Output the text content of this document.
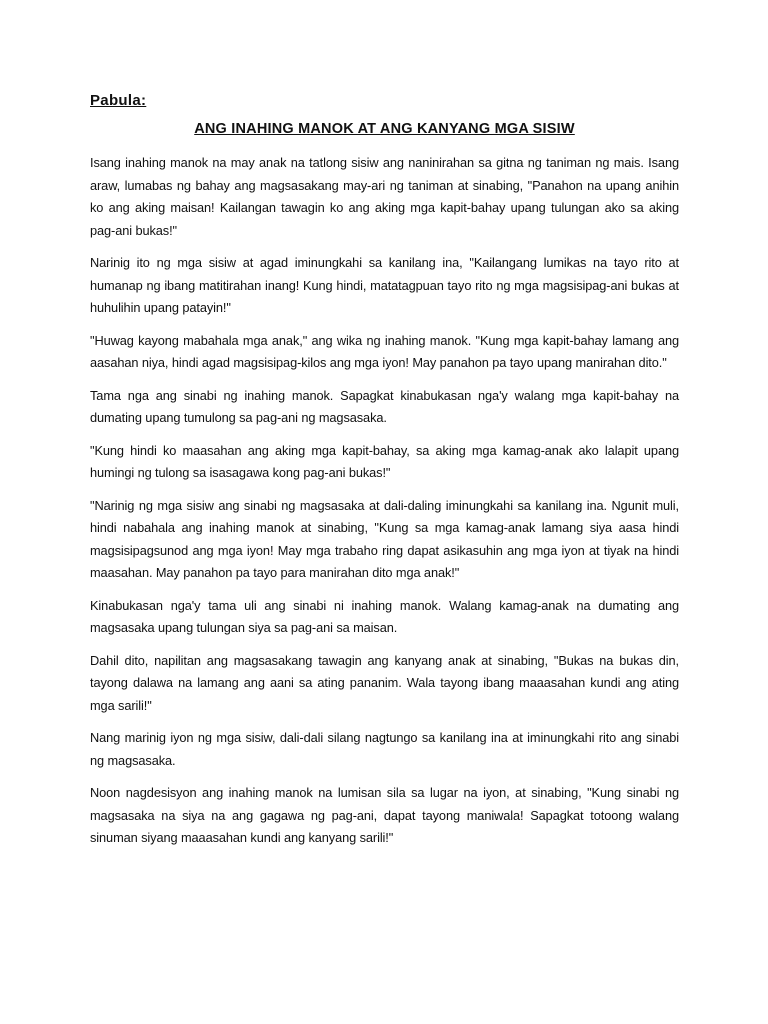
Pabula:
ANG INAHING MANOK AT ANG KANYANG MGA SISIW

Isang inahing manok na may anak na tatlong sisiw ang naninirahan sa gitna ng taniman ng mais. Isang araw, lumabas ng bahay ang magsasakang may-ari ng taniman at sinabing, "Panahon na upang anihin ko ang aking maisan! Kailangan tawagin ko ang aking mga kapit-bahay upang tulungan ako sa aking pag-ani bukas!"

Narinig ito ng mga sisiw at agad iminungkahi sa kanilang ina, "Kailangang lumikas na tayo rito at humanap ng ibang matitirahan inang! Kung hindi, matatagpuan tayo rito ng mga magsisipag-ani bukas at huhulihin upang patayin!"

"Huwag kayong mabahala mga anak," ang wika ng inahing manok. "Kung mga kapit-bahay lamang ang aasahan niya, hindi agad magsisipag-kilos ang mga iyon! May panahon pa tayo upang manirahan dito."

Tama nga ang sinabi ng inahing manok. Sapagkat kinabukasan nga'y walang mga kapit-bahay na dumating upang tumulong sa pag-ani ng magsasaka.

"Kung hindi ko maasahan ang aking mga kapit-bahay, sa aking mga kamag-anak ako lalapit upang humingi ng tulong sa isasagawa kong pag-ani bukas!"

"Narinig ng mga sisiw ang sinabi ng magsasaka at dali-daling iminungkahi sa kanilang ina. Ngunit muli, hindi nabahala ang inahing manok at sinabing, "Kung sa mga kamag-anak lamang siya aasa hindi magsisipagsunod ang mga iyon! May mga trabaho ring dapat asikasuhin ang mga iyon at tiyak na hindi maasahan. May panahon pa tayo para manirahan dito mga anak!"

Kinabukasan nga'y tama uli ang sinabi ni inahing manok. Walang kamag-anak na dumating ang magsasaka upang tulungan siya sa pag-ani sa maisan.

Dahil dito, napilitan ang magsasakang tawagin ang kanyang anak at sinabing, "Bukas na bukas din, tayong dalawa na lamang ang aani sa ating pananim. Wala tayong ibang maaasahan kundi ang ating mga sarili!"

Nang marinig iyon ng mga sisiw, dali-dali silang nagtungo sa kanilang ina at iminungkahi rito ang sinabi ng magsasaka.

Noon nagdesisyon ang inahing manok na lumisan sila sa lugar na iyon, at sinabing, "Kung sinabi ng magsasaka na siya na ang gagawa ng pag-ani, dapat tayong maniwala! Sapagkat totoong walang sinuman siyang maaasahan kundi ang kanyang sarili!"
